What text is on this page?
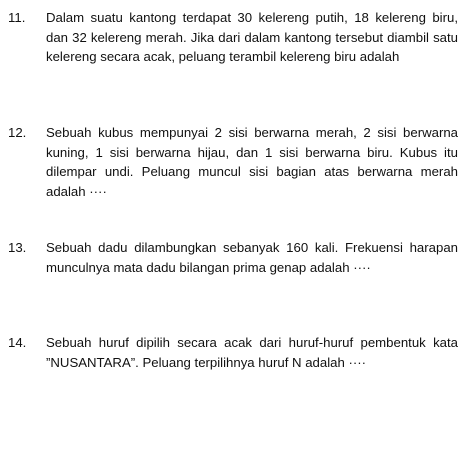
11.	Dalam suatu kantong terdapat 30 kelereng putih, 18 kelereng biru, dan 32 kelereng merah. Jika dari dalam kantong tersebut diambil satu kelereng secara acak, peluang terambil kelereng biru adalah
12.	Sebuah kubus mempunyai 2 sisi berwarna merah, 2 sisi berwarna kuning, 1 sisi berwarna hijau, dan 1 sisi berwarna biru. Kubus itu dilempar undi. Peluang muncul sisi bagian atas berwarna merah adalah ····
13.	Sebuah dadu dilambungkan sebanyak 160 kali. Frekuensi harapan munculnya mata dadu bilangan prima genap adalah ····
14.	Sebuah huruf dipilih secara acak dari huruf-huruf pembentuk kata ”NUSANTARA”. Peluang terpilihnya huruf N adalah ····
